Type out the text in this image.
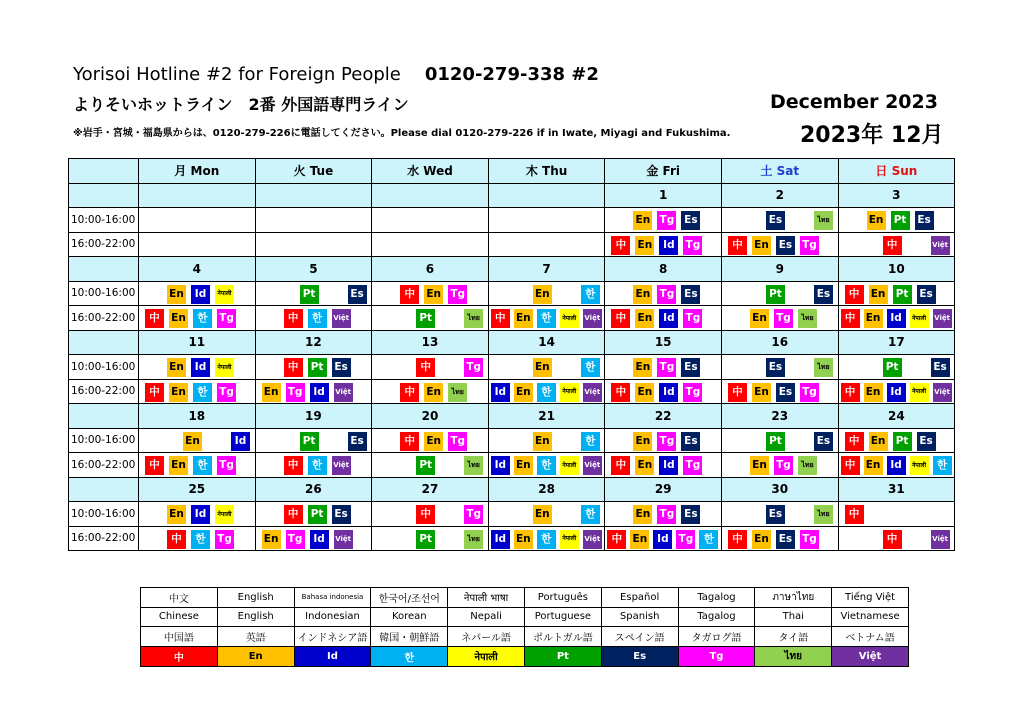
Yorisoi Hotline #2 for Foreign People 0120-279-338 #2
よりそいホットライン　2番 外国語専門ライン
※岩手・宮城・福島県からは、0120-279-226に電話してください。Please dial 0120-279-226 if in Iwate, Miyagi and Fukushima.
December 2023
2023年 12月
	月 Mon	火 Tue	水 Wed	木 Thu	金 Fri	土 Sat	日 Sun
					1	2	3
10:00-16:00					En Tg Es	Es ไทย	En Pt Es

16:00-22:00					中 En Id Tg	中 En Es Tg	中 Việt

	4	5	6	7	8	9	10
10:00-16:00	En Id नेपाली	Pt Es	中 En Tg	En 한	En Tg Es	Pt Es	中 En Pt Es

16:00-22:00	中 En 한 Tg	中 한 Việt	Pt ไทย	中 En 한 नेपाली Việt	中 En Id Tg	En Tg ไทย	中 En Id नेपाली Việt

	11	12	13	14	15	16	17
10:00-16:00	En Id नेपाली	中 Pt Es	中 Tg	En 한	En Tg Es	Es ไทย	Pt Es

16:00-22:00	中 En 한 Tg	En Tg Id Việt	中 En ไทย	Id En 한 नेपाली Việt	中 En Id Tg	中 En Es Tg	中 En Id नेपाली Việt

	18	19	20	21	22	23	24
10:00-16:00	En Id	Pt Es	中 En Tg	En 한	En Tg Es	Pt Es	中 En Pt Es

16:00-22:00	中 En 한 Tg	中 한 Việt	Pt ไทย	Id En 한 नेपाली Việt	中 En Id Tg	En Tg ไทย	中 En Id नेपाली 한

	25	26	27	28	29	30	31
10:00-16:00	En Id नेपाली	中 Pt Es	中 Tg	En 한	En Tg Es	Es ไทย	中

16:00-22:00	中 한 Tg	En Tg Id Việt	Pt ไทย	Id En 한 नेपाली Việt	中 En Id Tg 한	中 En Es Tg	中 Việt
中文	English	Bahasa indonesia	한국어/조선어	नेपाली भाषा	Português	Español	Tagalog	ภาษาไทย	Tiếng Việt
Chinese	English	Indonesian	Korean	Nepali	Portuguese	Spanish	Tagalog	Thai	Vietnamese
中国語	英語	インドネシア語	韓国・朝鮮語	ネパール語	ポルトガル語	スペイン語	タガログ語	タイ語	ベトナム語
中	En	Id	한	नेपाली	Pt	Es	Tg	ไทย	Việt
